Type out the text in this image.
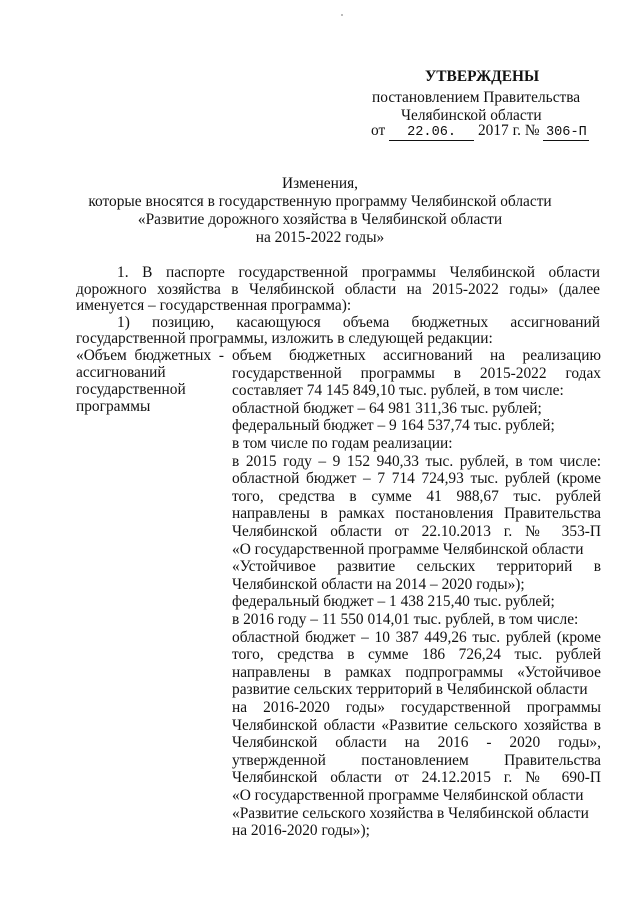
УТВЕРЖДЕНЫ
постановлением Правительства
Челябинской области
от 22.06. 2017 г. № 306-П
Изменения,
которые вносятся в государственную программу Челябинской области
«Развитие дорожного хозяйства в Челябинской области
на 2015-2022 годы»
1. В паспорте государственной программы Челябинской области
дорожного хозяйства в Челябинской области на 2015-2022 годы» (далее
именуется – государственная программа):
1) позицию, касающуюся объема бюджетных ассигнований
государственной программы, изложить в следующей редакции:
«Объем бюджетных -
ассигнований
государственной
программы
объем бюджетных ассигнований на реализацию
государственной программы в 2015-2022 годах
составляет 74 145 849,10 тыс. рублей, в том числе:
областной бюджет – 64 981 311,36 тыс. рублей;
федеральный бюджет – 9 164 537,74 тыс. рублей;
в том числе по годам реализации:
в 2015 году – 9 152 940,33 тыс. рублей, в том числе:
областной бюджет – 7 714 724,93 тыс. рублей (кроме
того, средства в сумме 41 988,67 тыс. рублей
направлены в рамках постановления Правительства
Челябинской области от 22.10.2013 г. № 353-П
«О государственной программе Челябинской области
«Устойчивое развитие сельских территорий в
Челябинской области на 2014 – 2020 годы»);
федеральный бюджет – 1 438 215,40 тыс. рублей;
в 2016 году – 11 550 014,01 тыс. рублей, в том числе:
областной бюджет – 10 387 449,26 тыс. рублей (кроме
того, средства в сумме 186 726,24 тыс. рублей
направлены в рамках подпрограммы «Устойчивое
развитие сельских территорий в Челябинской области
на 2016-2020 годы» государственной программы
Челябинской области «Развитие сельского хозяйства в
Челябинской области на 2016 - 2020 годы»,
утвержденной постановлением Правительства
Челябинской области от 24.12.2015 г. № 690-П
«О государственной программе Челябинской области
«Развитие сельского хозяйства в Челябинской области
на 2016-2020 годы»);
